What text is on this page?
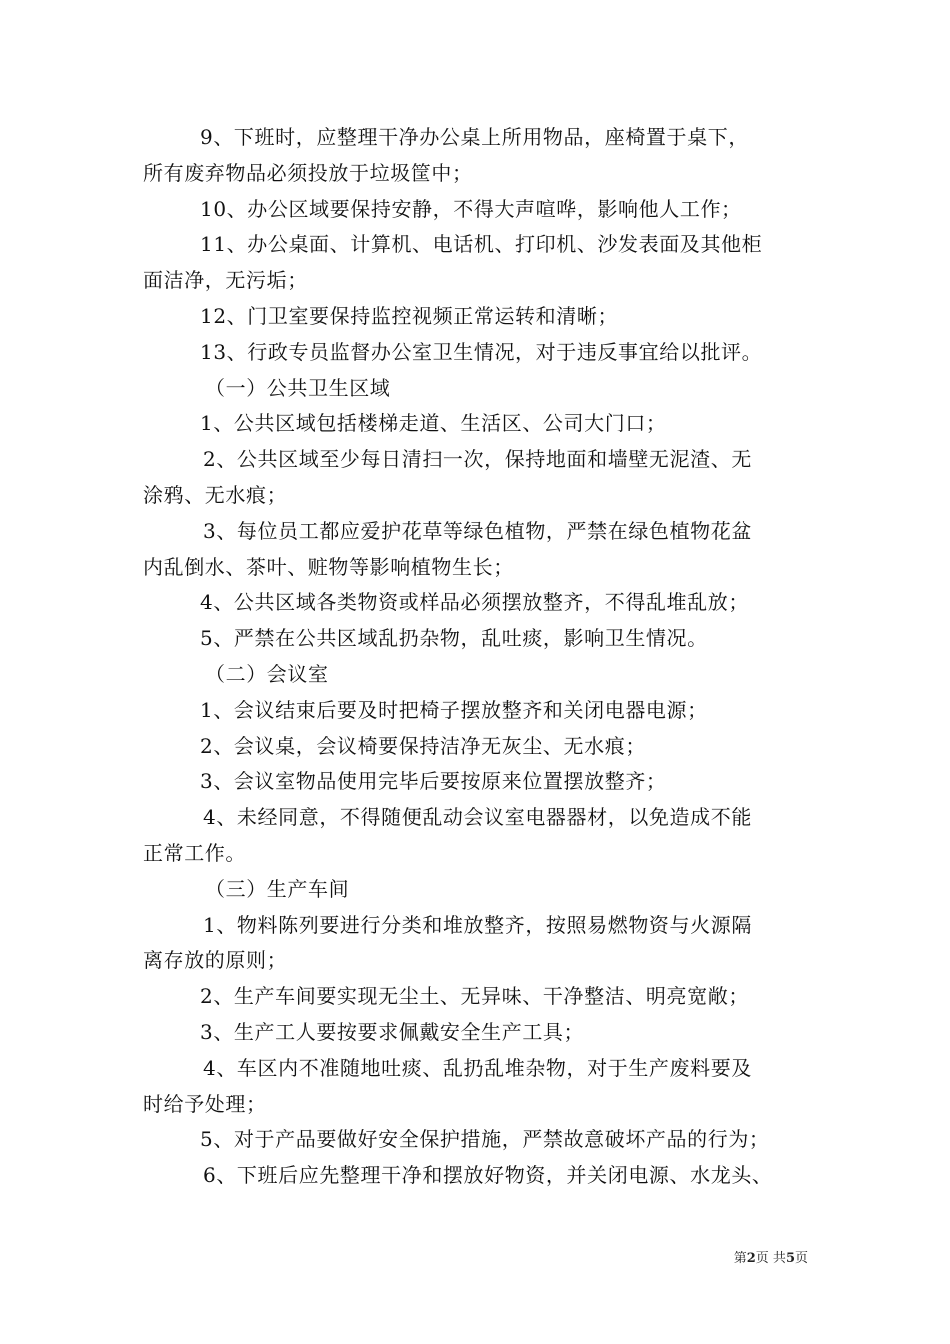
9、下班时，应整理干净办公桌上所用物品，座椅置于桌下，
所有废弃物品必须投放于垃圾筐中；
10、办公区域要保持安静，不得大声喧哗，影响他人工作；
11、办公桌面、计算机、电话机、打印机、沙发表面及其他柜
面洁净，无污垢；
12、门卫室要保持监控视频正常运转和清晰；
13、行政专员监督办公室卫生情况，对于违反事宜给以批评。
（一）公共卫生区域
1、公共区域包括楼梯走道、生活区、公司大门口；
2、公共区域至少每日清扫一次，保持地面和墙壁无泥渣、无
涂鸦、无水痕；
3、每位员工都应爱护花草等绿色植物，严禁在绿色植物花盆
内乱倒水、茶叶、赃物等影响植物生长；
4、公共区域各类物资或样品必须摆放整齐，不得乱堆乱放；
5、严禁在公共区域乱扔杂物，乱吐痰，影响卫生情况。
（二）会议室
1、会议结束后要及时把椅子摆放整齐和关闭电器电源；
2、会议桌，会议椅要保持洁净无灰尘、无水痕；
3、会议室物品使用完毕后要按原来位置摆放整齐；
4、未经同意，不得随便乱动会议室电器器材，以免造成不能
正常工作。
（三）生产车间
1、物料陈列要进行分类和堆放整齐，按照易燃物资与火源隔
离存放的原则；
2、生产车间要实现无尘土、无异味、干净整洁、明亮宽敞；
3、生产工人要按要求佩戴安全生产工具；
4、车区内不准随地吐痰、乱扔乱堆杂物，对于生产废料要及
时给予处理；
5、对于产品要做好安全保护措施，严禁故意破坏产品的行为；
6、下班后应先整理干净和摆放好物资，并关闭电源、水龙头、
第2页 共5页
